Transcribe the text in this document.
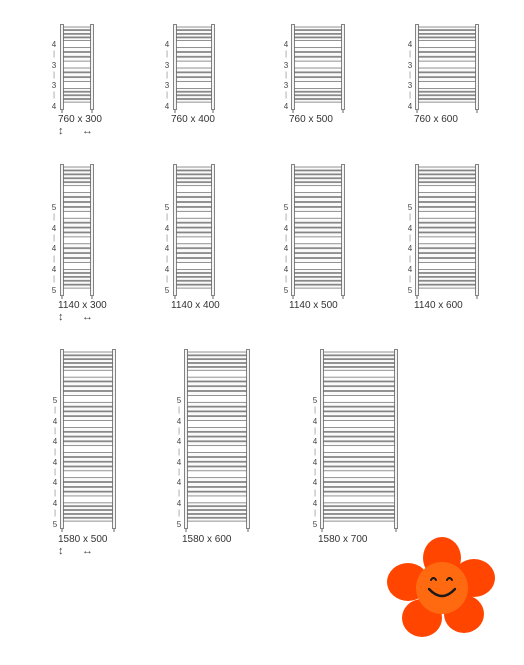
4
|
3
|
3
|
4
760 x 300
↕ ↔
4
|
3
|
3
|
4
760 x 400
4
|
3
|
3
|
4
760 x 500
4
|
3
|
3
|
4
760 x 600
5
|
4
|
4
|
4
|
5
1140 x 300
↕ ↔
5
|
4
|
4
|
4
|
5
1140 x 400
5
|
4
|
4
|
4
|
5
1140 x 500
5
|
4
|
4
|
4
|
5
1140 x 600
5
|
4
|
4
|
4
|
4
|
4
|
5
1580 x 500
↕ ↔
5
|
4
|
4
|
4
|
4
|
4
|
5
1580 x 600
5
|
4
|
4
|
4
|
4
|
4
|
5
1580 x 700
